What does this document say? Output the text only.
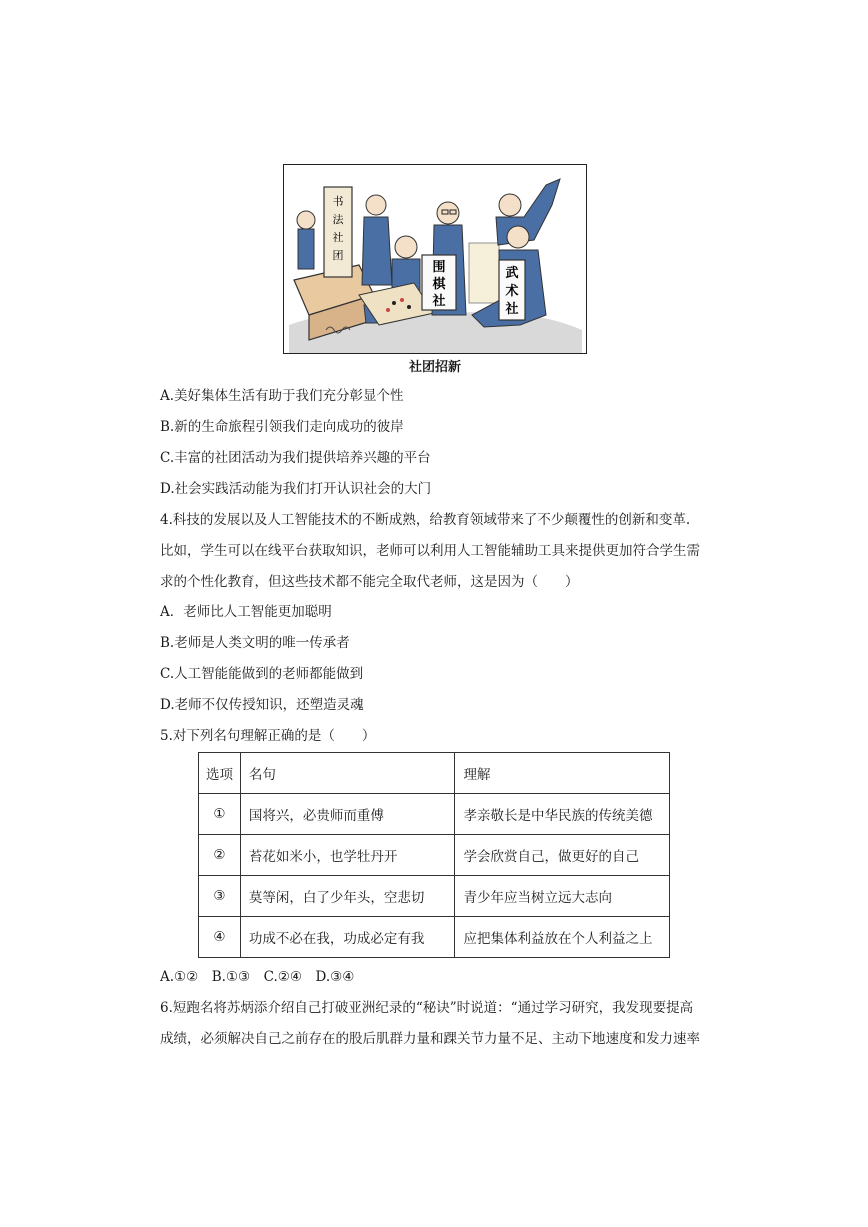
书
法
社
团
围
棋
社
武
术
社
社团招新
A.美好集体生活有助于我们充分彰显个性
B.新的生命旅程引领我们走向成功的彼岸
C.丰富的社团活动为我们提供培养兴趣的平台
D.社会实践活动能为我们打开认识社会的大门
4.科技的发展以及人工智能技术的不断成熟，给教育领域带来了不少颠覆性的创新和变革.
比如，学生可以在线平台获取知识，老师可以利用人工智能辅助工具来提供更加符合学生需
求的个性化教育，但这些技术都不能完全取代老师，这是因为（　　）
A．老师比人工智能更加聪明
B.老师是人类文明的唯一传承者
C.人工智能能做到的老师都能做到
D.老师不仅传授知识，还塑造灵魂
5.对下列名句理解正确的是（　　）
选项	名句	理解
①	国将兴，必贵师而重傅	孝亲敬长是中华民族的传统美德
②	苔花如米小，也学牡丹开	学会欣赏自己，做更好的自己
③	莫等闲，白了少年头，空悲切	青少年应当树立远大志向
④	功成不必在我，功成必定有我	应把集体利益放在个人利益之上
A.①②　B.①③　C.②④　D.③④
6.短跑名将苏炳添介绍自己打破亚洲纪录的“秘诀”时说道：“通过学习研究，我发现要提高
成绩，必须解决自己之前存在的股后肌群力量和踝关节力量不足、主动下地速度和发力速率
